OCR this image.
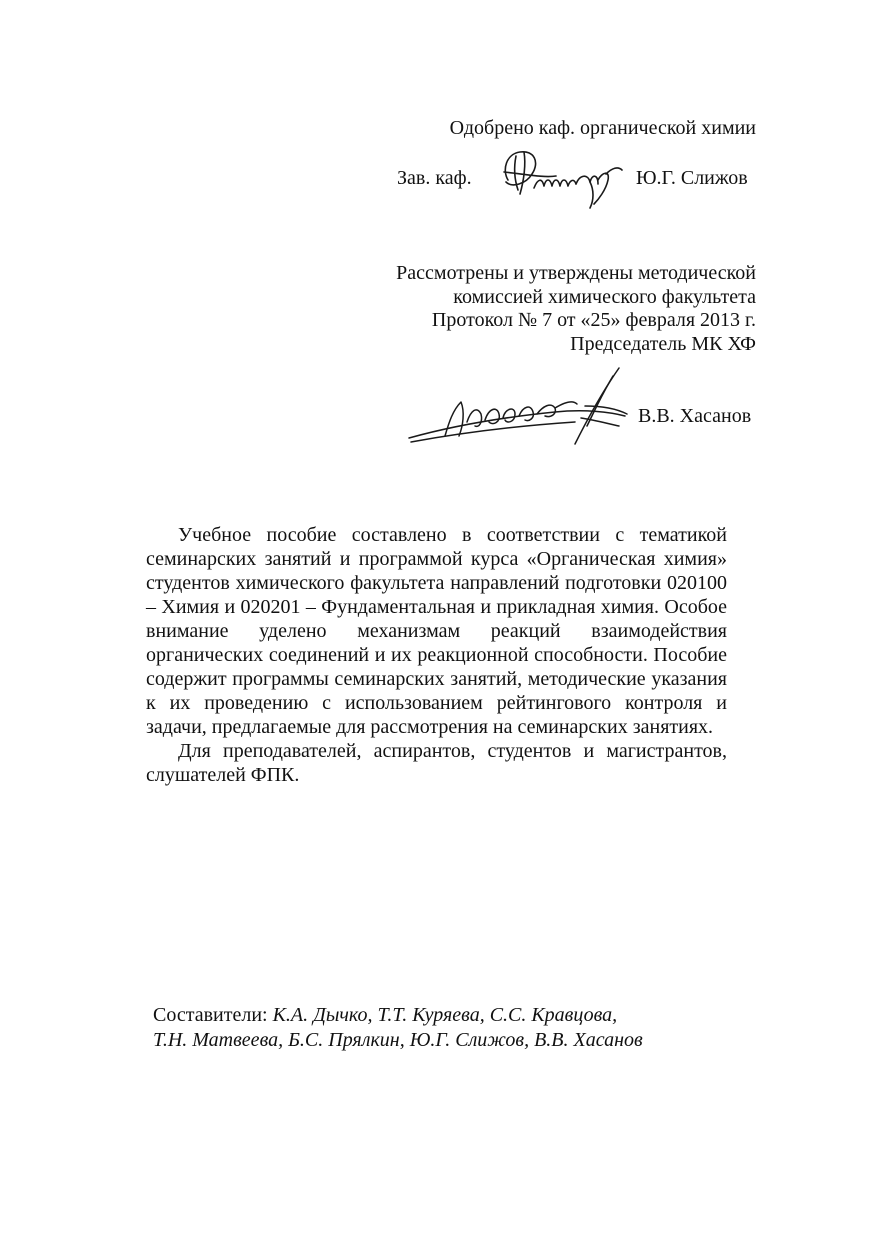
Одобрено каф. органической химии
Зав. каф.	Ю.Г. Слижов
Рассмотрены и утверждены методической
комиссией химического факультета
Протокол № 7 от «25» февраля 2013 г.
Председатель МК ХФ
В.В. Хасанов

Учебное пособие составлено в соответствии с тематикой семинарских занятий и программой курса «Органическая химия» студентов химического факультета направлений подготовки 020100 – Химия и 020201 – Фундаментальная и прикладная химия. Особое внимание уделено механизмам реакций взаимодействия органических соединений и их реакционной способности. Пособие содержит программы семинарских занятий, методические указания к их проведению с использованием рейтингового контроля и задачи, предлагаемые для рассмотрения на семинарских занятиях.

Для преподавателей, аспирантов, студентов и магистрантов, слушателей ФПК.

Составители: К.А. Дычко, Т.Т. Куряева, С.С. Кравцова,
Т.Н. Матвеева, Б.С. Прялкин, Ю.Г. Слижов, В.В. Хасанов
